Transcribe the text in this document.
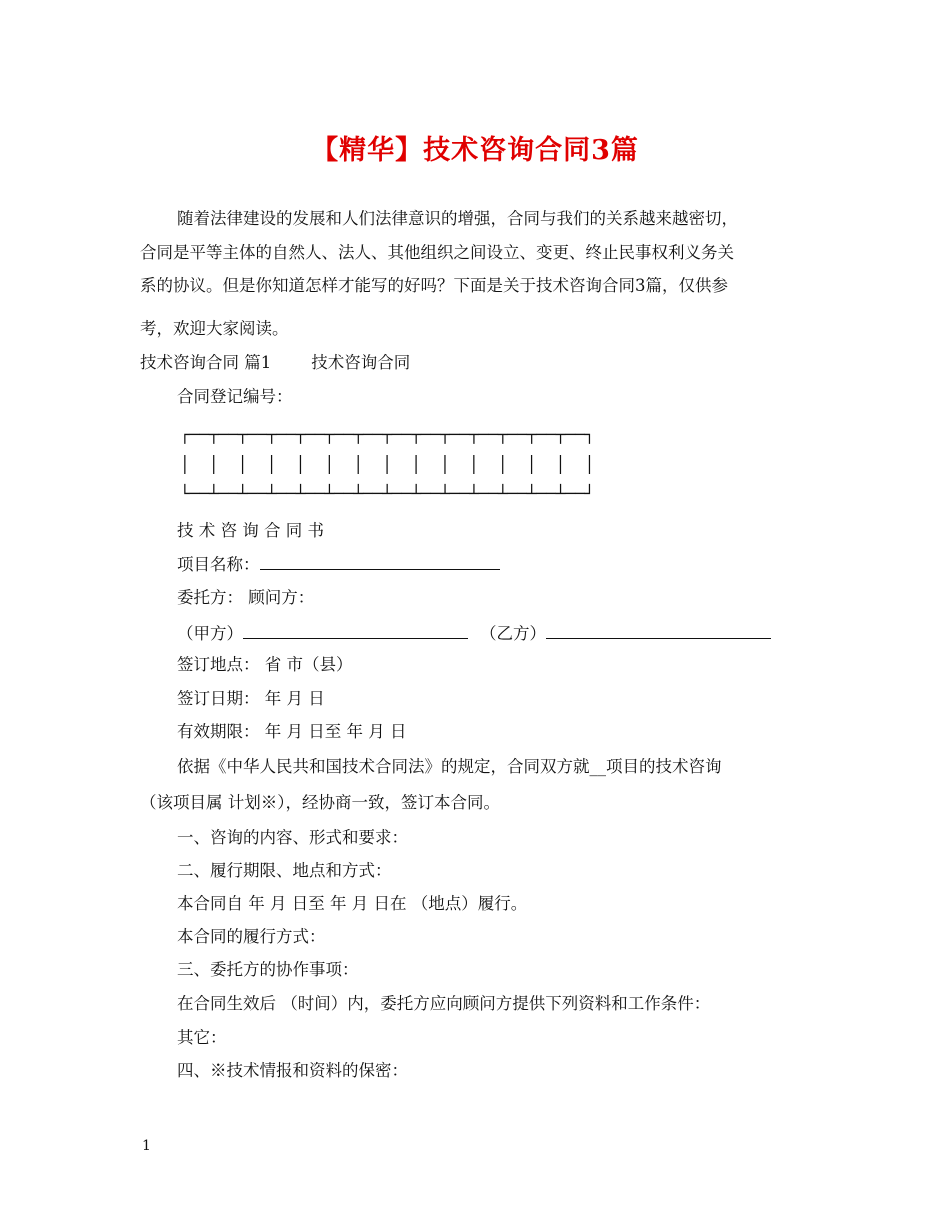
【精华】技术咨询合同3篇
随着法律建设的发展和人们法律意识的增强，合同与我们的关系越来越密切，
合同是平等主体的自然人、法人、其他组织之间设立、变更、终止民事权利义务关
系的协议。但是你知道怎样才能写的好吗？下面是关于技术咨询合同3篇，仅供参
考，欢迎大家阅读。
技术咨询合同 篇1 技术咨询合同
合同登记编号：
┌──┬──┬──┬──┬──┬──┬──┬──┬──┬──┬──┬──┬──┬──┐
│  │  │  │  │  │  │  │  │  │  │  │  │  │  │
└──┴──┴──┴──┴──┴──┴──┴──┴──┴──┴──┴──┴──┴──┘
技 术 咨 询 合 同 书
项目名称：
委托方： 顾问方：
（甲方）	（乙方）
签订地点： 省 市（县）
签订日期： 年 月 日
有效期限： 年 月 日至 年 月 日
依据《中华人民共和国技术合同法》的规定，合同双方就__项目的技术咨询
（该项目属 计划※），经协商一致，签订本合同。
一、咨询的内容、形式和要求：
二、履行期限、地点和方式：
本合同自 年 月 日至 年 月 日在 （地点）履行。
本合同的履行方式：
三、委托方的协作事项：
在合同生效后 （时间）内，委托方应向顾问方提供下列资料和工作条件：
其它：
四、※技术情报和资料的保密：
1
